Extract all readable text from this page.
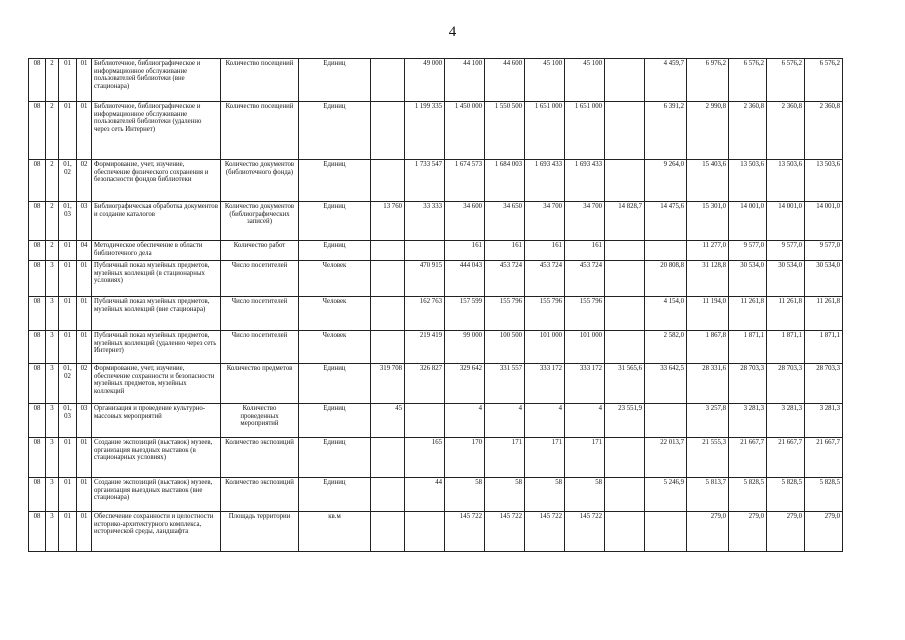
4
08	2	01	01	Библиотечное, библиографическое и информационное обслуживание пользователей библиотеки (вне стационара)	Количество посещений	Единиц		49 000	44 100	44 600	45 100	45 100		4 459,7	6 976,2	6 576,2	6 576,2	6 576,2
08	2	01	01	Библиотечное, библиографическое и информационное обслуживание пользователей библиотеки (удаленно через сеть Интернет)	Количество посещений	Единиц		1 199 335	1 450 000	1 550 500	1 651 000	1 651 000		6 391,2	2 990,8	2 360,8	2 360,8	2 360,8
08	2	01, 02	02	Формирование, учет, изучение, обеспечение физического сохранения и безопасности фондов библиотеки	Количество документов (библиотечного фонда)	Единиц		1 733 547	1 674 573	1 684 003	1 693 433	1 693 433		9 264,0	15 403,6	13 503,6	13 503,6	13 503,6
08	2	01, 03	03	Библиографическая обработка документов и создание каталогов	Количество документов (библиографических записей)	Единиц	13 760	33 333	34 600	34 650	34 700	34 700	14 828,7	14 475,6	15 301,0	14 001,0	14 001,0	14 001,0
08	2	01	04	Методическое обеспечение в области библиотечного дела	Количество работ	Единиц			161	161	161	161			11 277,0	9 577,0	9 577,0	9 577,0
08	3	01	01	Публичный показ музейных предметов, музейных коллекций (в стационарных условиях)	Число посетителей	Человек		470 915	444 043	453 724	453 724	453 724		20 808,8	31 128,8	30 534,0	30 534,0	30 534,0
08	3	01	01	Публичный показ музейных предметов, музейных коллекций (вне стационара)	Число посетителей	Человек		162 763	157 599	155 796	155 796	155 796		4 154,0	11 194,0	11 261,8	11 261,8	11 261,8
08	3	01	01	Публичный показ музейных предметов, музейных коллекций (удаленно через сеть Интернет)	Число посетителей	Человек		219 419	99 000	100 500	101 000	101 000		2 582,0	1 867,8	1 871,1	1 871,1	1 871,1
08	3	01, 02	02	Формирование, учет, изучение, обеспечение сохранности и безопасности музейных предметов, музейных коллекций	Количество предметов	Единиц	319 708	326 827	329 642	331 557	333 172	333 172	31 565,6	33 642,5	28 331,6	28 703,3	28 703,3	28 703,3
08	3	01, 03	03	Организация и проведение культурно-массовых мероприятий	Количество проведенных мероприятий	Единиц	45		4	4	4	4	23 551,9		3 257,8	3 281,3	3 281,3	3 281,3
08	3	01	01	Создание экспозиций (выставок) музеев, организация выездных выставок (в стационарных условиях)	Количество экспозиций	Единиц		165	170	171	171	171		22 013,7	21 555,3	21 667,7	21 667,7	21 667,7
08	3	01	01	Создание экспозиций (выставок) музеев, организация выездных выставок (вне стационара)	Количество экспозиций	Единиц		44	58	58	58	58		5 246,9	5 813,7	5 828,5	5 828,5	5 828,5
08	3	01	01	Обеспечение сохранности и целостности историко-архитектурного комплекса, исторической среды, ландшафта	Площадь территории	кв.м			145 722	145 722	145 722	145 722			279,0	279,0	279,0	279,0
